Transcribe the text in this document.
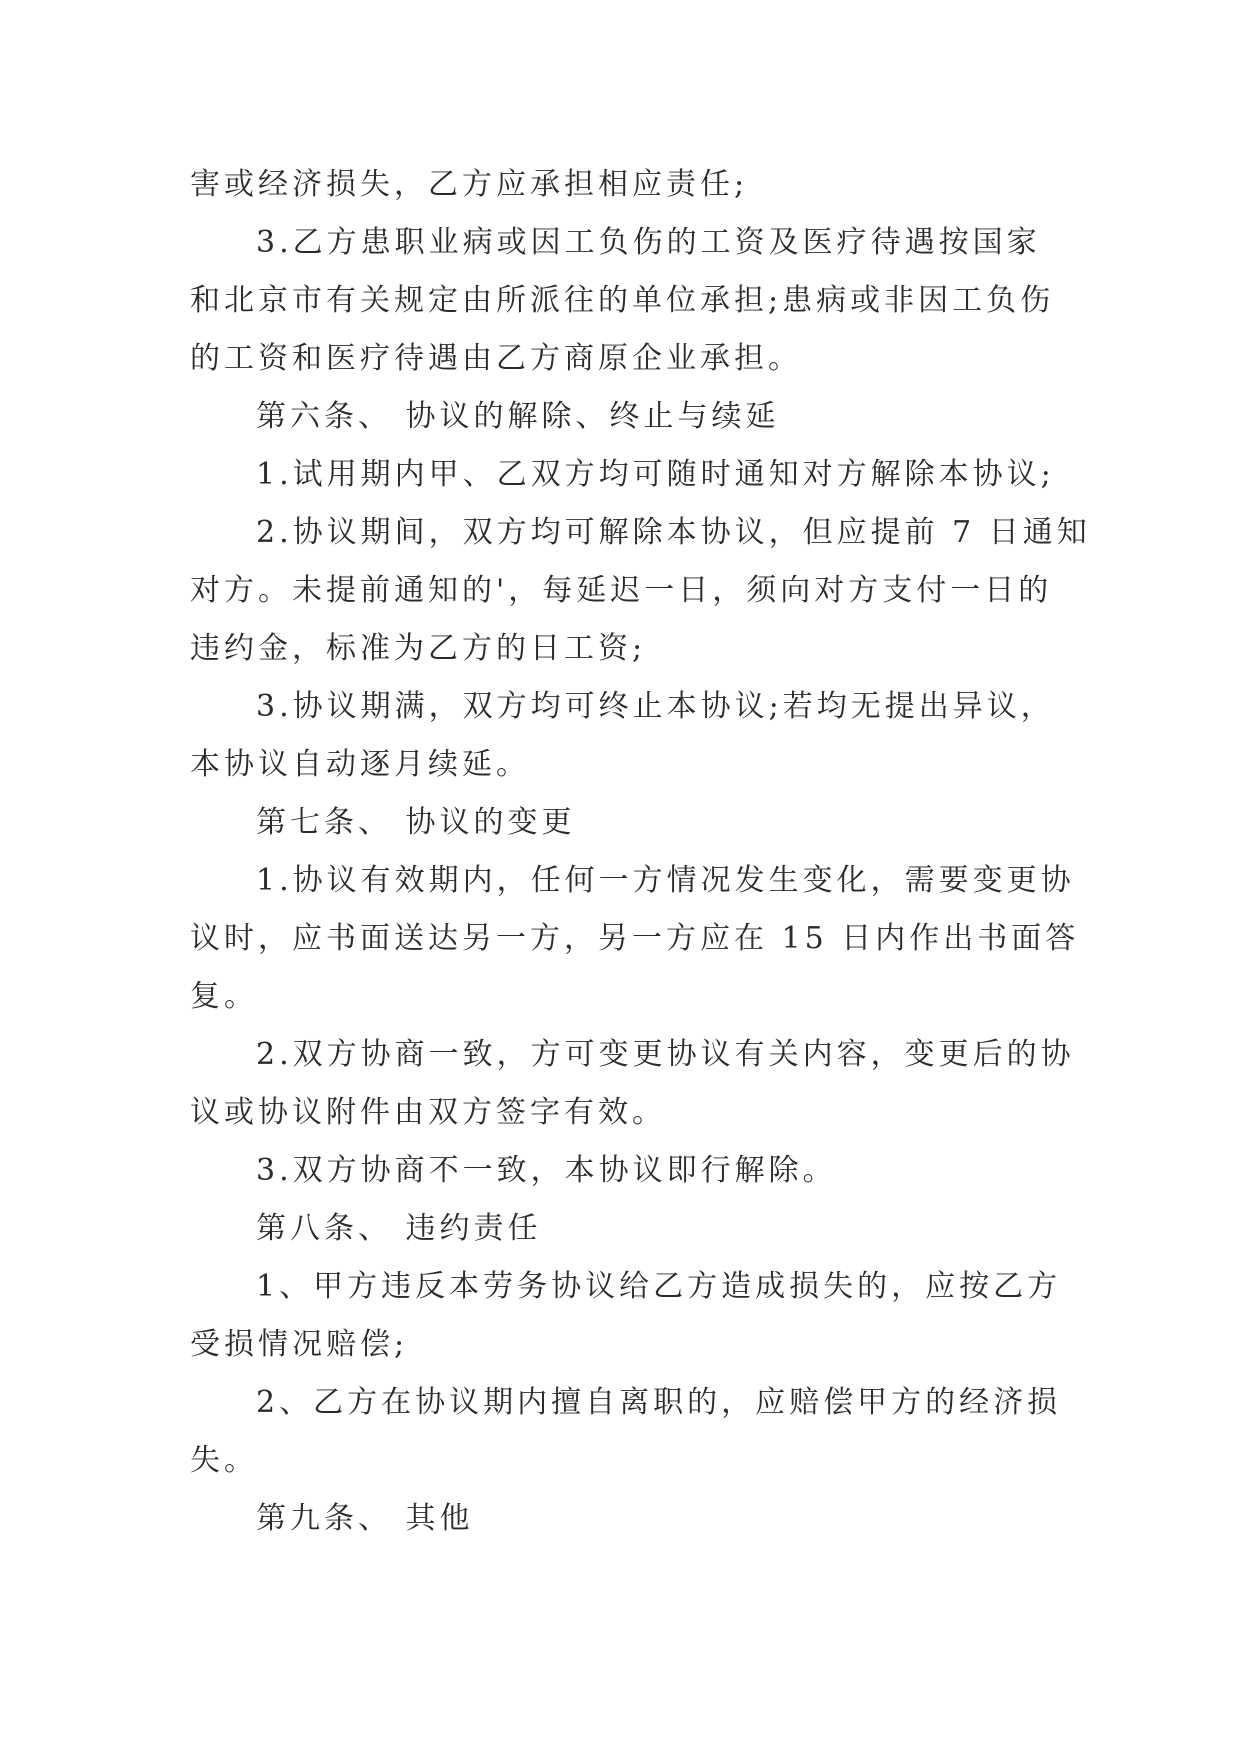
害或经济损失，乙方应承担相应责任;
3.乙方患职业病或因工负伤的工资及医疗待遇按国家
和北京市有关规定由所派往的单位承担;患病或非因工负伤
的工资和医疗待遇由乙方商原企业承担。
第六条、 协议的解除、终止与续延
1.试用期内甲、乙双方均可随时通知对方解除本协议;
2.协议期间，双方均可解除本协议，但应提前 7 日通知
对方。未提前通知的'，每延迟一日，须向对方支付一日的
违约金，标准为乙方的日工资;
3.协议期满，双方均可终止本协议;若均无提出异议，
本协议自动逐月续延。
第七条、 协议的变更
1.协议有效期内，任何一方情况发生变化，需要变更协
议时，应书面送达另一方，另一方应在 15 日内作出书面答
复。
2.双方协商一致，方可变更协议有关内容，变更后的协
议或协议附件由双方签字有效。
3.双方协商不一致，本协议即行解除。
第八条、 违约责任
1、甲方违反本劳务协议给乙方造成损失的，应按乙方
受损情况赔偿;
2、乙方在协议期内擅自离职的，应赔偿甲方的经济损
失。
第九条、 其他
